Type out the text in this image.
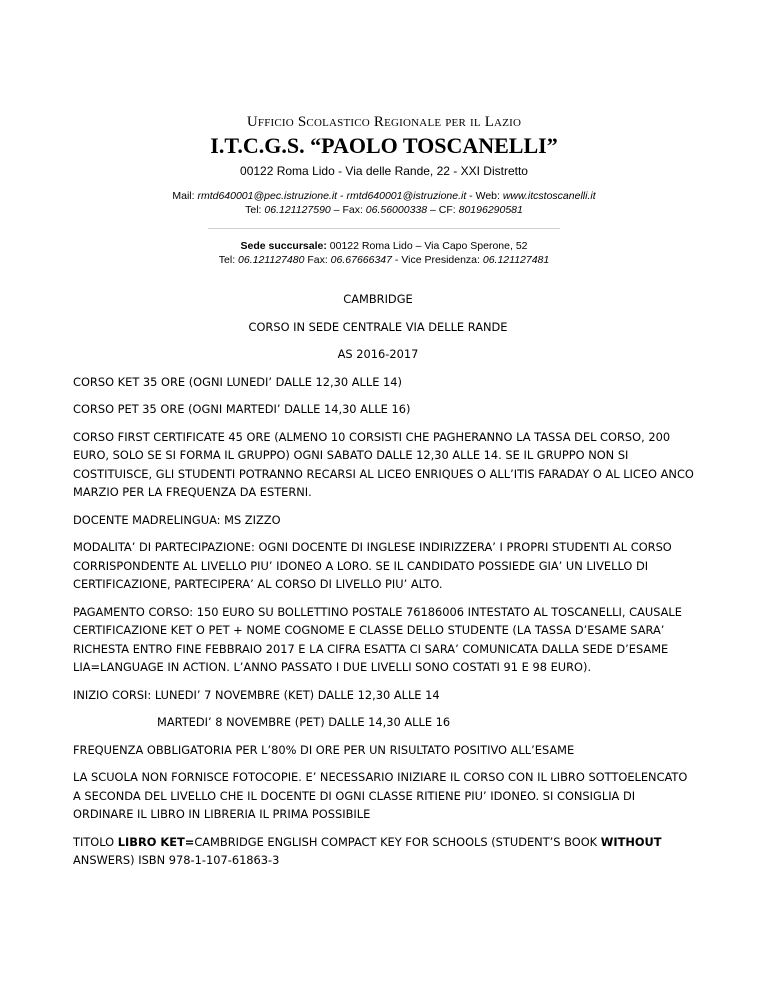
Ufficio Scolastico Regionale per il Lazio
I.T.C.G.S. “PAOLO TOSCANELLI”
00122 Roma Lido - Via delle Rande, 22 - XXI Distretto
Mail: rmtd640001@pec.istruzione.it - rmtd640001@istruzione.it - Web: www.itcstoscanelli.it
Tel: 06.121127590 – Fax: 06.56000338 – CF: 80196290581
Sede succursale: 00122 Roma Lido – Via Capo Sperone, 52
Tel: 06.121127480 Fax: 06.67666347 - Vice Presidenza: 06.121127481

CAMBRIDGE

CORSO IN SEDE CENTRALE VIA DELLE RANDE

AS 2016-2017

CORSO KET 35 ORE (OGNI LUNEDI’ DALLE 12,30 ALLE 14)

CORSO PET 35 ORE (OGNI MARTEDI’ DALLE 14,30 ALLE 16)

CORSO FIRST CERTIFICATE 45 ORE (ALMENO 10 CORSISTI CHE PAGHERANNO LA TASSA DEL CORSO, 200
EURO, SOLO SE SI FORMA IL GRUPPO) OGNI SABATO DALLE 12,30 ALLE 14. SE IL GRUPPO NON SI
COSTITUISCE, GLI STUDENTI POTRANNO RECARSI AL LICEO ENRIQUES O ALL’ITIS FARADAY O AL LICEO ANCO
MARZIO PER LA FREQUENZA DA ESTERNI.

DOCENTE MADRELINGUA: MS ZIZZO

MODALITA’ DI PARTECIPAZIONE: OGNI DOCENTE DI INGLESE INDIRIZZERA’ I PROPRI STUDENTI AL CORSO
CORRISPONDENTE AL LIVELLO PIU’ IDONEO A LORO. SE IL CANDIDATO POSSIEDE GIA’ UN LIVELLO DI
CERTIFICAZIONE, PARTECIPERA’ AL CORSO DI LIVELLO PIU’ ALTO.

PAGAMENTO CORSO: 150 EURO SU BOLLETTINO POSTALE 76186006 INTESTATO AL TOSCANELLI, CAUSALE
CERTIFICAZIONE KET O PET + NOME COGNOME E CLASSE DELLO STUDENTE (LA TASSA D’ESAME SARA’
RICHESTA ENTRO FINE FEBBRAIO 2017 E LA CIFRA ESATTA CI SARA’ COMUNICATA DALLA SEDE D’ESAME
LIA=LANGUAGE IN ACTION. L’ANNO PASSATO I DUE LIVELLI SONO COSTATI 91 E 98 EURO).

INIZIO CORSI: LUNEDI’ 7 NOVEMBRE (KET) DALLE 12,30 ALLE 14

MARTEDI’ 8 NOVEMBRE (PET) DALLE 14,30 ALLE 16

FREQUENZA OBBLIGATORIA PER L’80% DI ORE PER UN RISULTATO POSITIVO ALL’ESAME

LA SCUOLA NON FORNISCE FOTOCOPIE. E’ NECESSARIO INIZIARE IL CORSO CON IL LIBRO SOTTOELENCATO
A SECONDA DEL LIVELLO CHE IL DOCENTE DI OGNI CLASSE RITIENE PIU’ IDONEO. SI CONSIGLIA DI
ORDINARE IL LIBRO IN LIBRERIA IL PRIMA POSSIBILE

TITOLO LIBRO KET=CAMBRIDGE ENGLISH COMPACT KEY FOR SCHOOLS (STUDENT’S BOOK WITHOUT
ANSWERS) ISBN 978-1-107-61863-3
